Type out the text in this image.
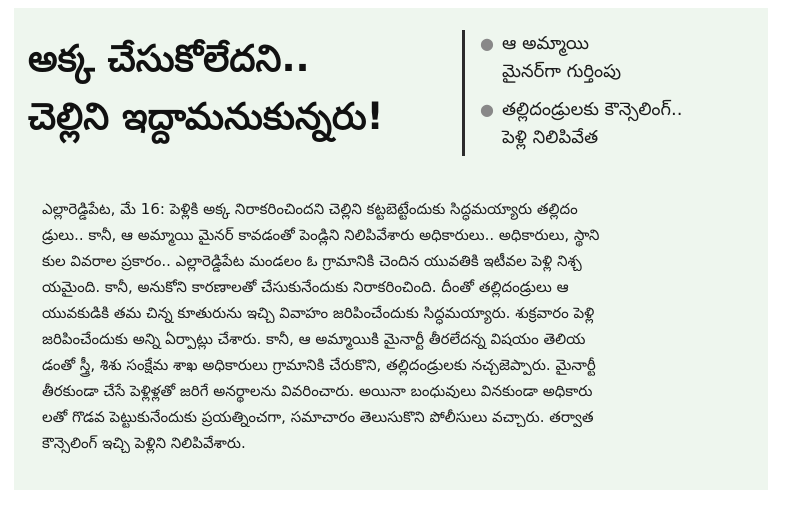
అక్క చేసుకోలేదని..
చెల్లిని ఇద్దామనుకున్నరు!
● ఆ అమ్మాయి
మైనర్‌గా గుర్తింపు
● తల్లిదండ్రులకు కౌన్సెలింగ్..
పెళ్లి నిలిపివేత
ఎల్లారెడ్డిపేట, మే 16: పెళ్లికి అక్క నిరాకరించిందని చెల్లిని కట్టబెట్టేందుకు సిద్ధమయ్యారు తల్లిదం
డ్రులు.. కానీ, ఆ అమ్మాయి మైనర్ కావడంతో పెండ్లిని నిలిపివేశారు అధికారులు.. అధికారులు, స్థాని
కుల వివరాల ప్రకారం.. ఎల్లారెడ్డిపేట మండలం ఓ గ్రామానికి చెందిన యువతికి ఇటీవల పెళ్లి నిశ్చ
యమైంది. కానీ, అనుకోని కారణాలతో చేసుకునేందుకు నిరాకరించింది. దీంతో తల్లిదండ్రులు ఆ
యువకుడికి తమ చిన్న కూతురును ఇచ్చి వివాహం జరిపించేందుకు సిద్ధమయ్యారు. శుక్రవారం పెళ్లి
జరిపించేందుకు అన్ని ఏర్పాట్లు చేశారు. కానీ, ఆ అమ్మాయికి మైనార్టీ తీరలేదన్న విషయం తెలియ
డంతో స్త్రీ, శిశు సంక్షేమ శాఖ అధికారులు గ్రామానికి చేరుకొని, తల్లిదండ్రులకు నచ్చజెప్పారు. మైనార్టీ
తీరకుండా చేసే పెళ్లిళ్లతో జరిగే అనర్థాలను వివరించారు. అయినా బంధువులు వినకుండా అధికారు
లతో గొడవ పెట్టుకునేందుకు ప్రయత్నించగా, సమాచారం తెలుసుకొని పోలీసులు వచ్చారు. తర్వాత
కౌన్సెలింగ్ ఇచ్చి పెళ్లిని నిలిపివేశారు.
